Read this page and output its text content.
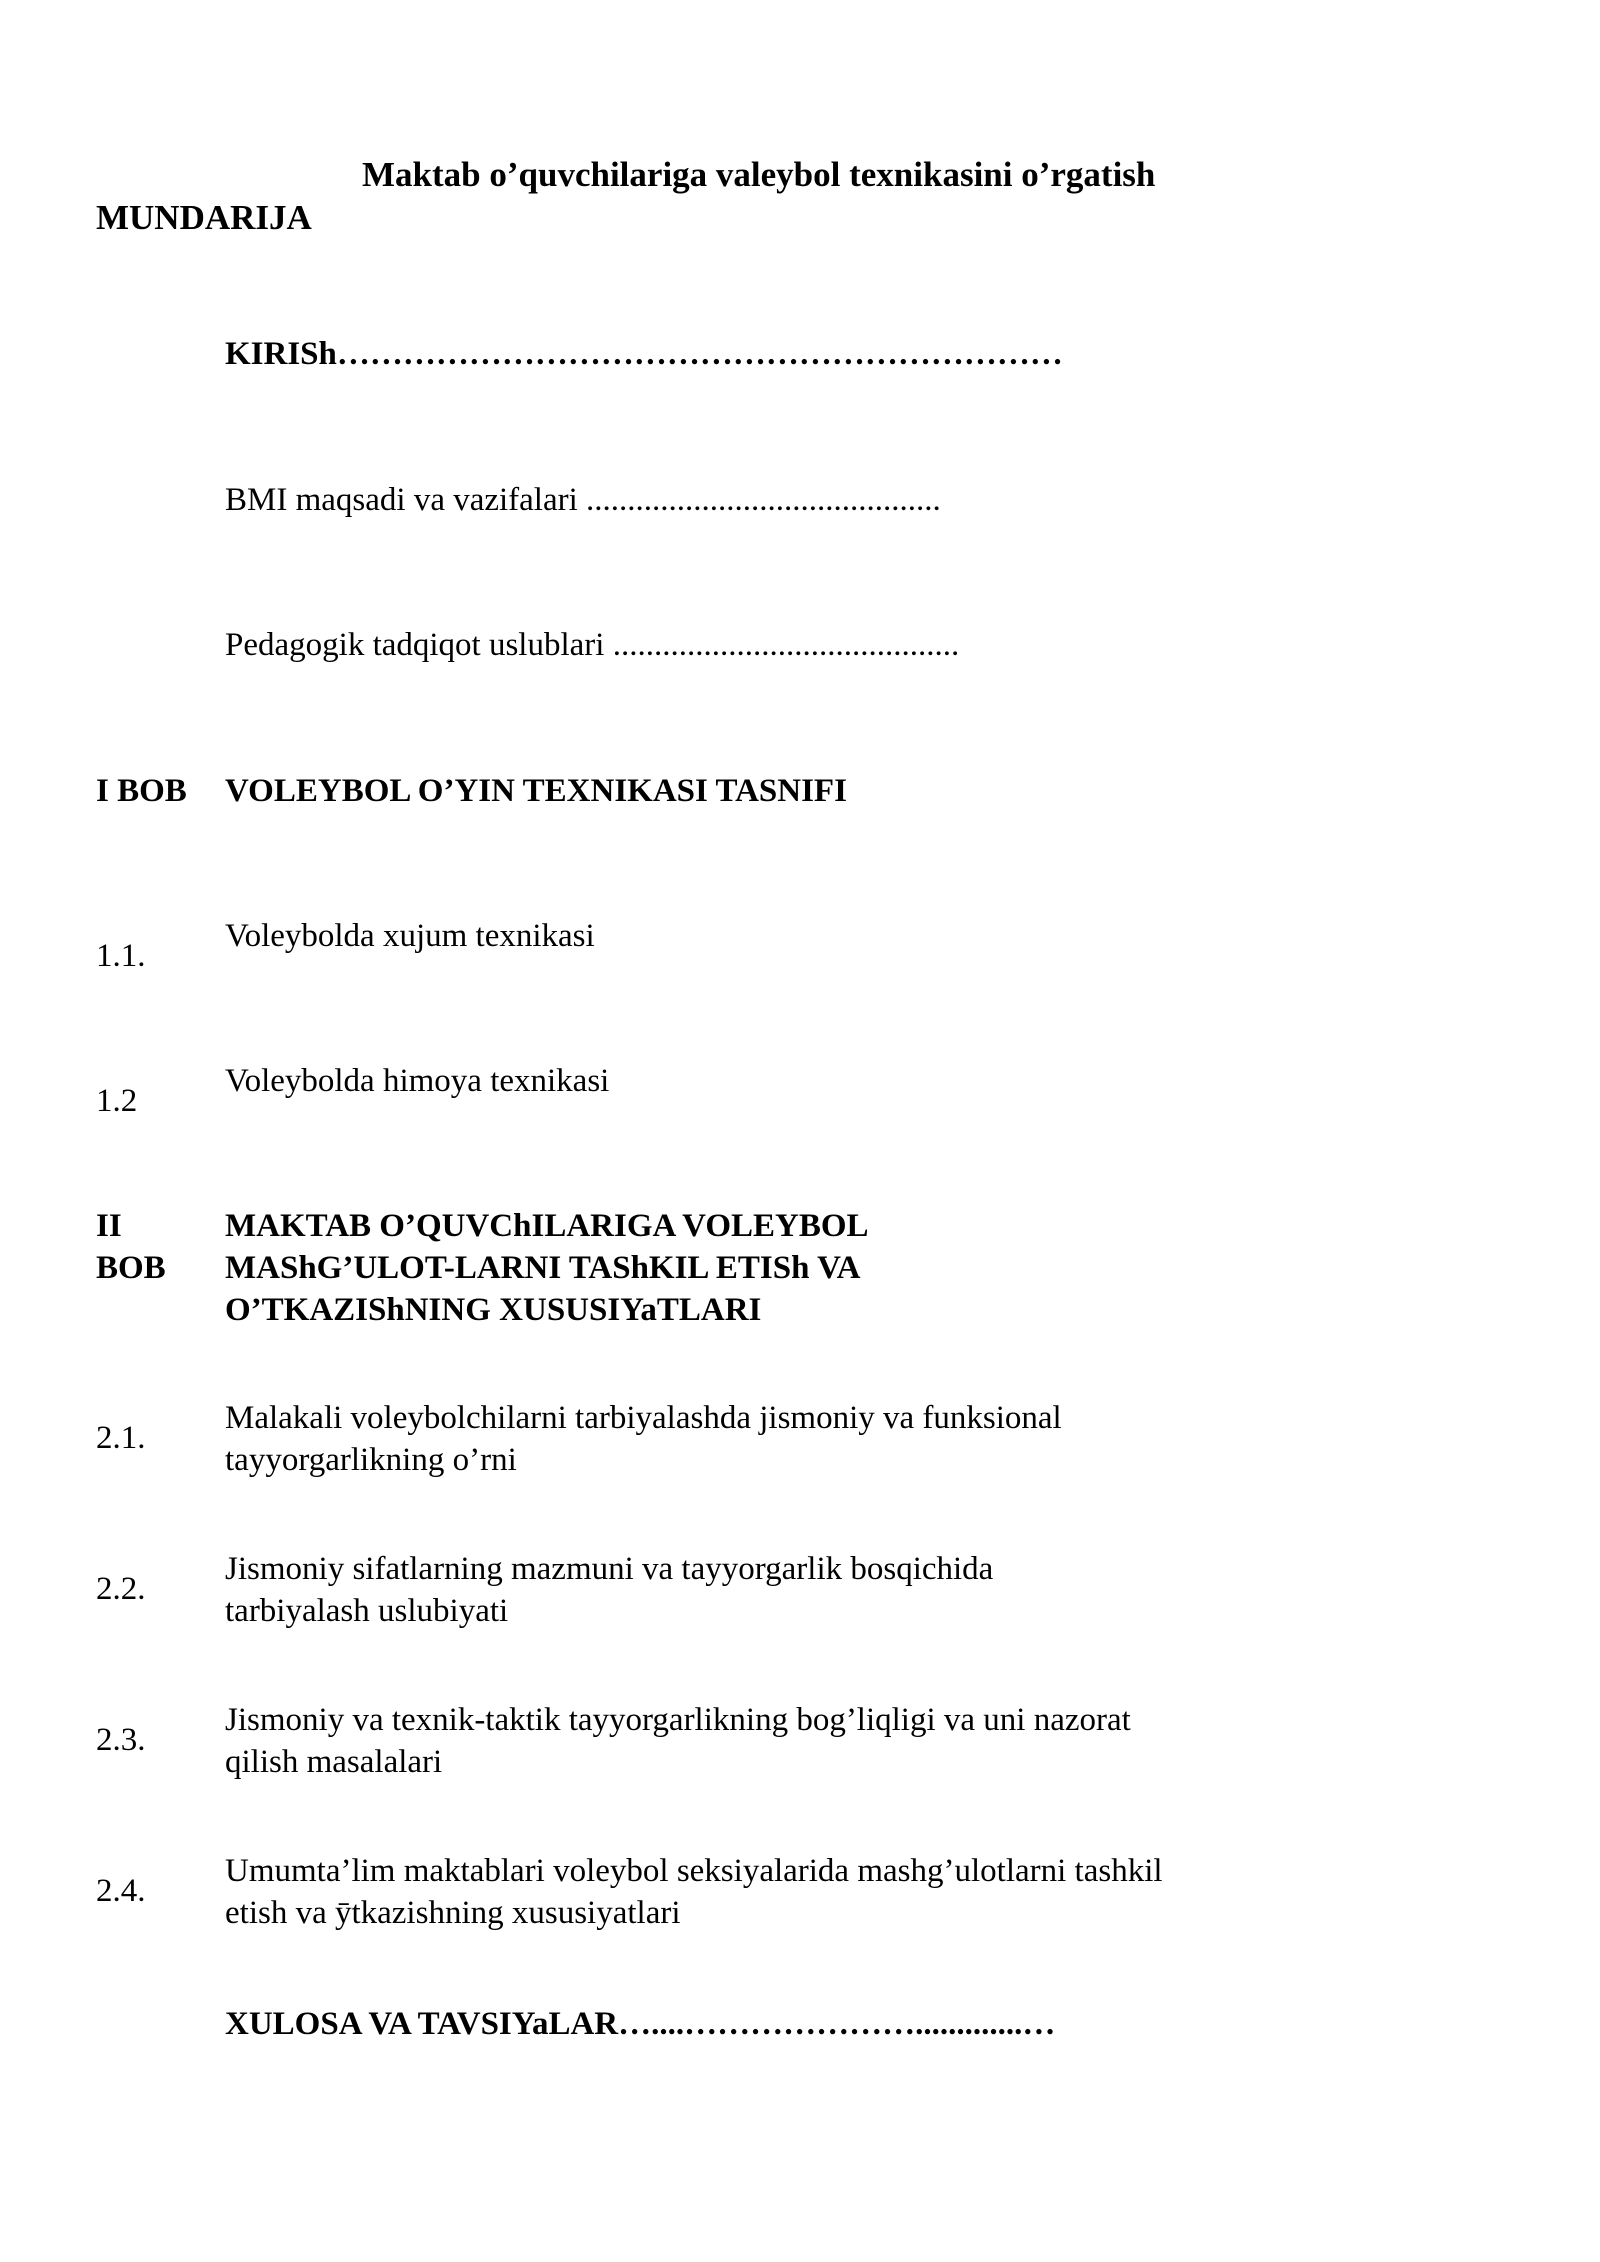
Maktab o’quvchilariga valeybol texnikasini o’rgatish
MUNDARIJA
KIRISh…………………………………………………………
BMI maqsadi va vazifalari ...........................................
Pedagogik tadqiqot uslublari ..........................................
I BOB VOLEYBOL O’YIN TEXNIKASI TASNIFI
1.1.
Voleybolda xujum texnikasi
1.2
Voleybolda himoya texnikasi
II
BOB
MAKTAB O’QUVChILARIGA VOLEYBOL MAShG’ULOT-LARNI TAShKIL ETISh VA O’TKAZIShNING XUSUSIYaTLARI
2.1.
Malakali voleybolchilarni tarbiyalashda jismoniy va funksional tayyorgarlikning o’rni
2.2.
Jismoniy sifatlarning mazmuni va tayyorgarlik bosqichida tarbiyalash uslubiyati
2.3.
Jismoniy va texnik-taktik tayyorgarlikning bog’liqligi va uni nazorat qilish masalalari
2.4.
Umumta’lim maktablari voleybol seksiyalarida mashg’ulotlarni tashkil etish va ȳtkazishning xususiyatlari
XULOSA VA TAVSIYaLAR…....………………….............…
